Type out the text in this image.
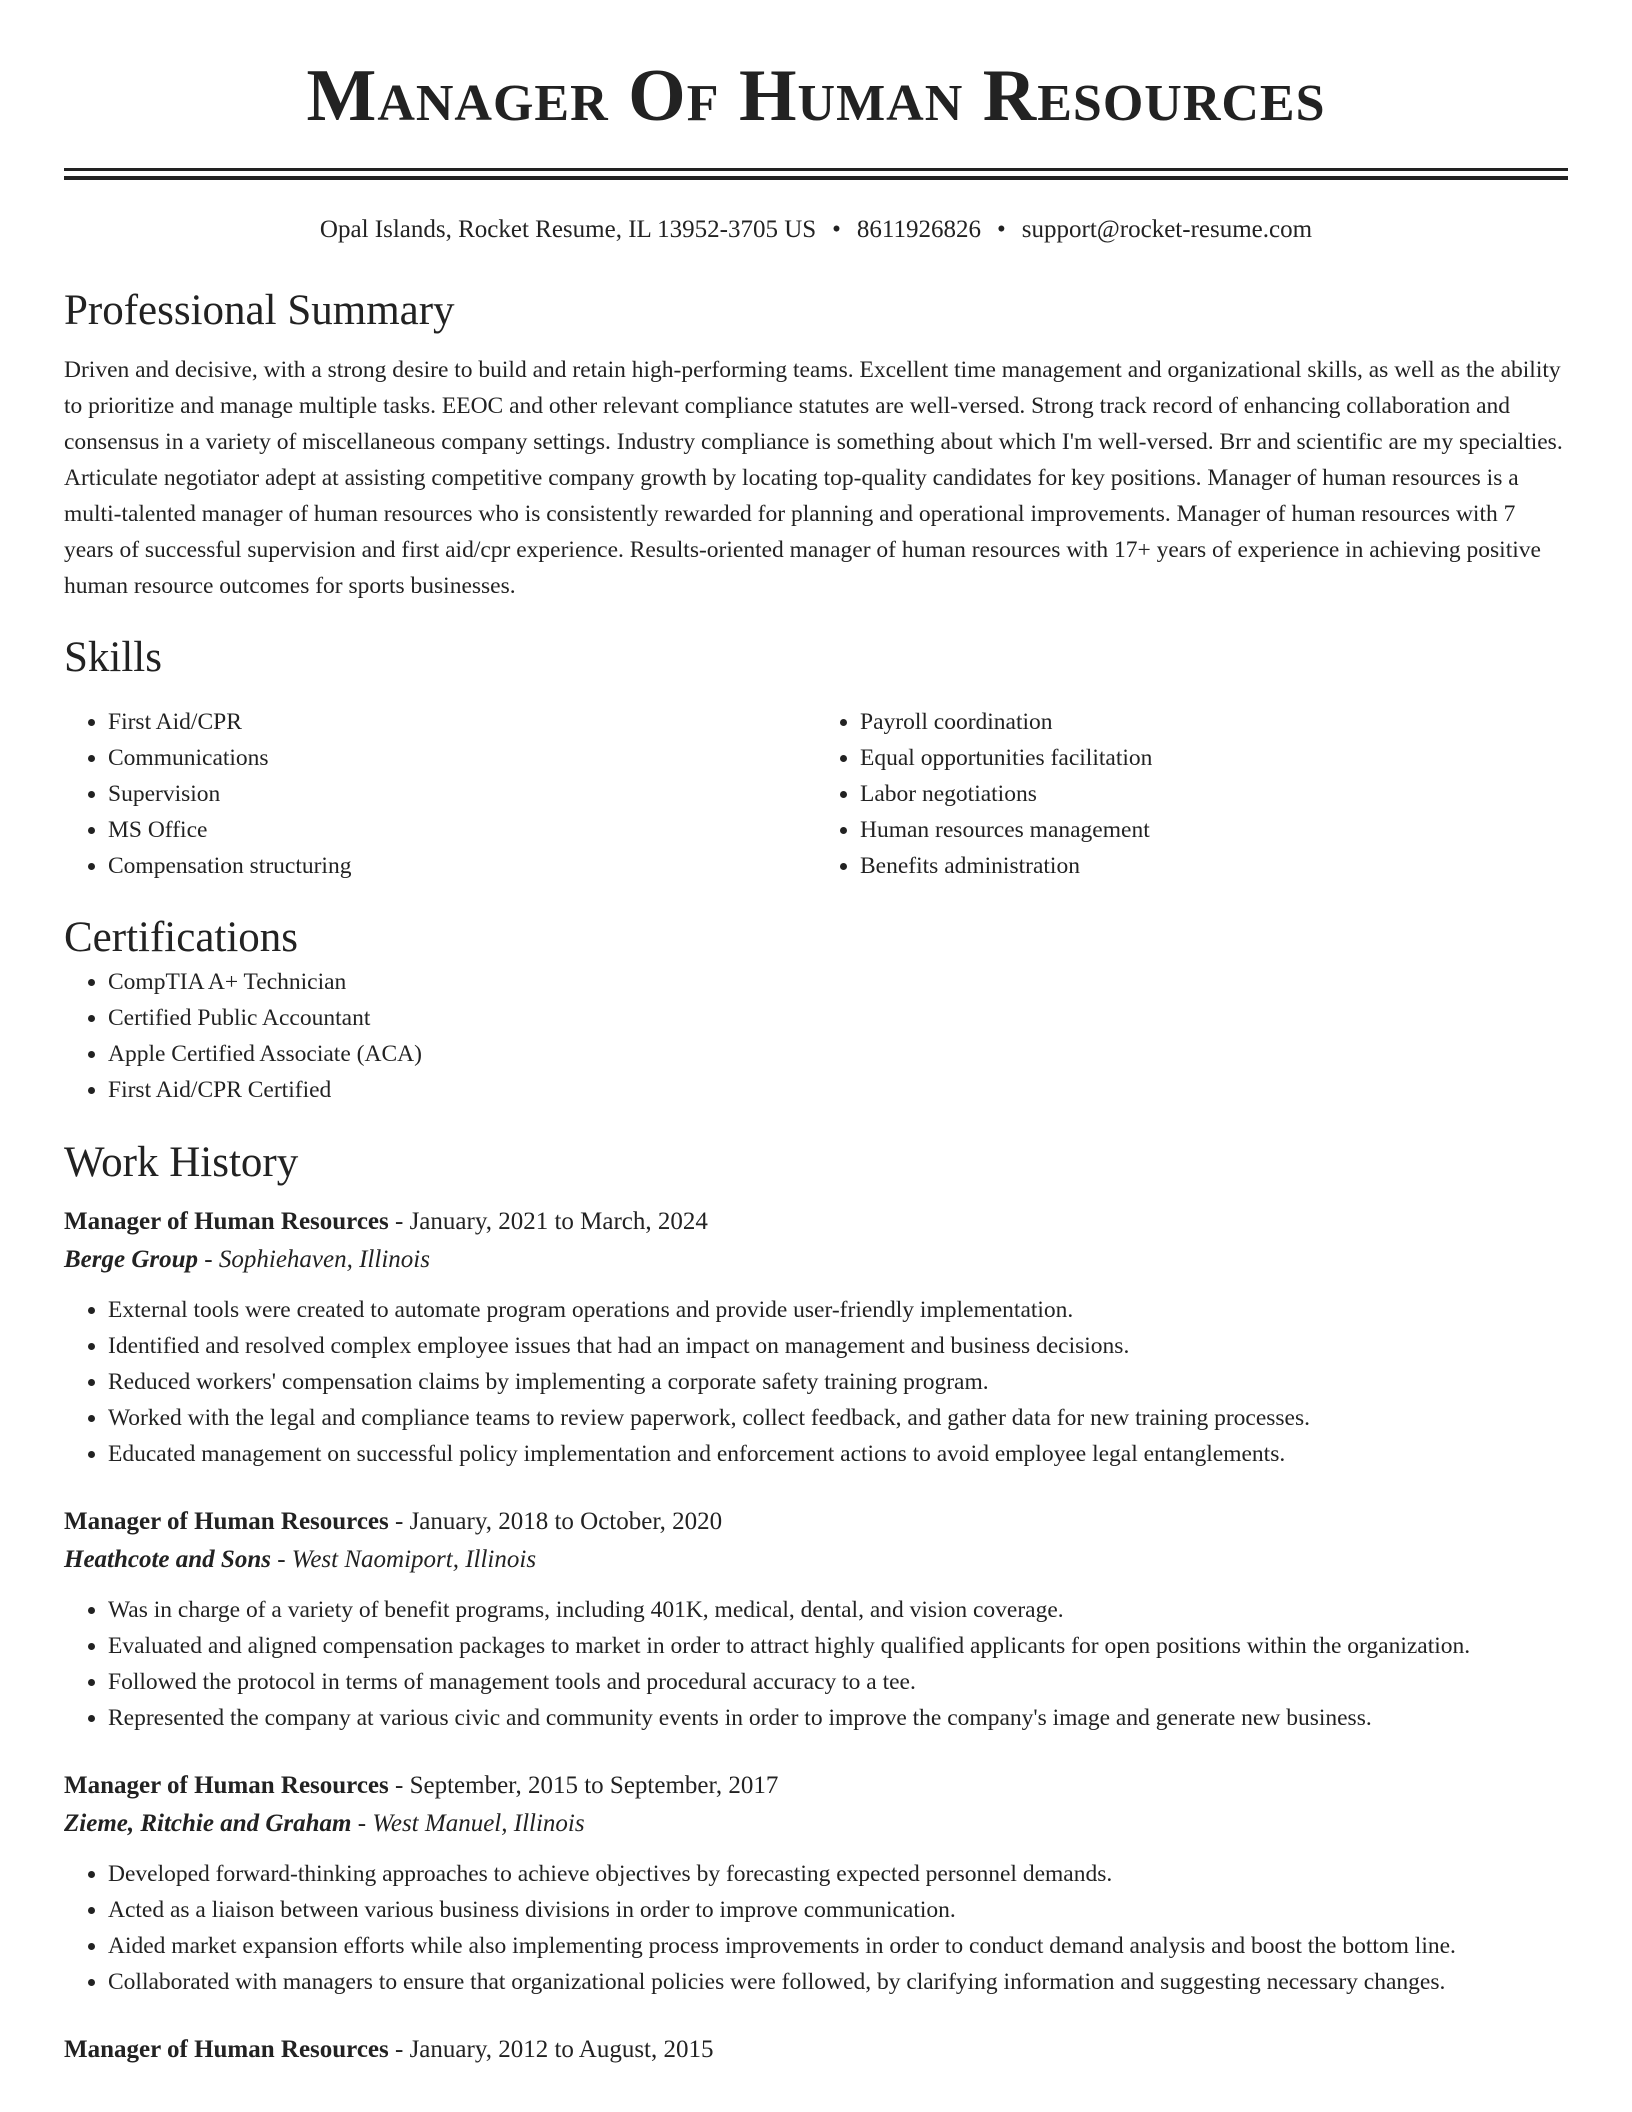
Manager Of Human Resources
Opal Islands, Rocket Resume, IL 13952-3705 US • 8611926826 • support@rocket-resume.com
Professional Summary
Driven and decisive, with a strong desire to build and retain high-performing teams. Excellent time management and organizational skills, as well as the ability to prioritize and manage multiple tasks. EEOC and other relevant compliance statutes are well-versed. Strong track record of enhancing collaboration and consensus in a variety of miscellaneous company settings. Industry compliance is something about which I'm well-versed. Brr and scientific are my specialties. Articulate negotiator adept at assisting competitive company growth by locating top-quality candidates for key positions. Manager of human resources is a multi-talented manager of human resources who is consistently rewarded for planning and operational improvements. Manager of human resources with 7 years of successful supervision and first aid/cpr experience. Results-oriented manager of human resources with 17+ years of experience in achieving positive human resource outcomes for sports businesses.
Skills
• First Aid/CPR
• Communications
• Supervision
• MS Office
• Compensation structuring
• Payroll coordination
• Equal opportunities facilitation
• Labor negotiations
• Human resources management
• Benefits administration
Certifications
• CompTIA A+ Technician
• Certified Public Accountant
• Apple Certified Associate (ACA)
• First Aid/CPR Certified
Work History
Manager of Human Resources - January, 2021 to March, 2024
Berge Group - Sophiehaven, Illinois
• External tools were created to automate program operations and provide user-friendly implementation.
• Identified and resolved complex employee issues that had an impact on management and business decisions.
• Reduced workers' compensation claims by implementing a corporate safety training program.
• Worked with the legal and compliance teams to review paperwork, collect feedback, and gather data for new training processes.
• Educated management on successful policy implementation and enforcement actions to avoid employee legal entanglements.
Manager of Human Resources - January, 2018 to October, 2020
Heathcote and Sons - West Naomiport, Illinois
• Was in charge of a variety of benefit programs, including 401K, medical, dental, and vision coverage.
• Evaluated and aligned compensation packages to market in order to attract highly qualified applicants for open positions within the organization.
• Followed the protocol in terms of management tools and procedural accuracy to a tee.
• Represented the company at various civic and community events in order to improve the company's image and generate new business.
Manager of Human Resources - September, 2015 to September, 2017
Zieme, Ritchie and Graham - West Manuel, Illinois
• Developed forward-thinking approaches to achieve objectives by forecasting expected personnel demands.
• Acted as a liaison between various business divisions in order to improve communication.
• Aided market expansion efforts while also implementing process improvements in order to conduct demand analysis and boost the bottom line.
• Collaborated with managers to ensure that organizational policies were followed, by clarifying information and suggesting necessary changes.
Manager of Human Resources - January, 2012 to August, 2015
